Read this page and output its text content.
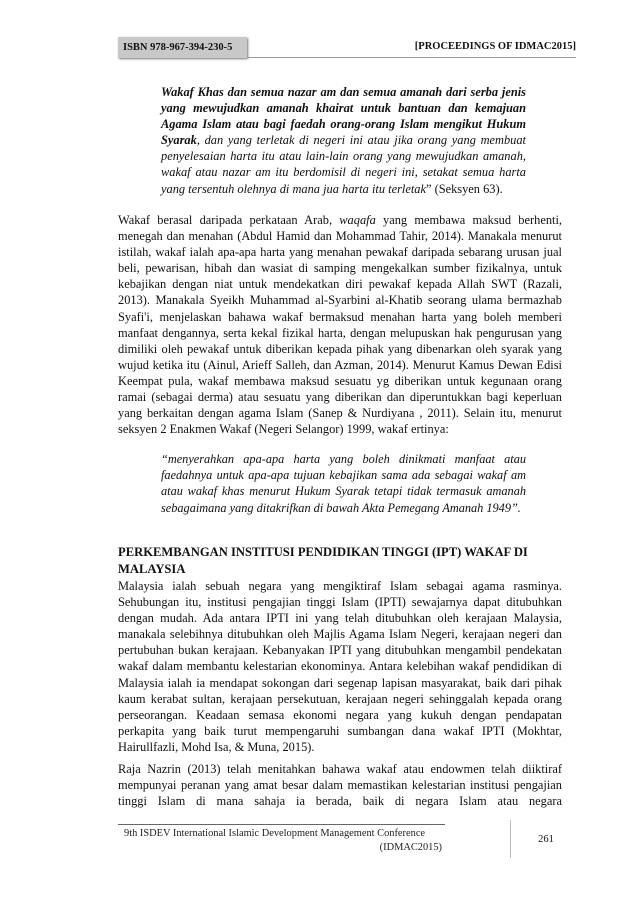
ISBN 978-967-394-230-5	[PROCEEDINGS OF IDMAC2015]
Wakaf Khas dan semua nazar am dan semua amanah dari serba jenis yang mewujudkan amanah khairat untuk bantuan dan kemajuan Agama Islam atau bagi faedah orang-orang Islam mengikut Hukum Syarak, dan yang terletak di negeri ini atau jika orang yang membuat penyelesaian harta itu atau lain-lain orang yang mewujudkan amanah, wakaf atau nazar am itu berdomisil di negeri ini, setakat semua harta yang tersentuh olehnya di mana jua harta itu terletak” (Seksyen 63).
Wakaf berasal daripada perkataan Arab, waqafa yang membawa maksud berhenti, menegah dan menahan (Abdul Hamid dan Mohammad Tahir, 2014). Manakala menurut istilah, wakaf ialah apa-apa harta yang menahan pewakaf daripada sebarang urusan jual beli, pewarisan, hibah dan wasiat di samping mengekalkan sumber fizikalnya, untuk kebajikan dengan niat untuk mendekatkan diri pewakaf kepada Allah SWT (Razali, 2013). Manakala Syeikh Muhammad al-Syarbini al-Khatib seorang ulama bermazhab Syafi'i, menjelaskan bahawa wakaf bermaksud menahan harta yang boleh memberi manfaat dengannya, serta kekal fizikal harta, dengan melupuskan hak pengurusan yang dimiliki oleh pewakaf untuk diberikan kepada pihak yang dibenarkan oleh syarak yang wujud ketika itu (Ainul, Arieff Salleh, dan Azman, 2014). Menurut Kamus Dewan Edisi Keempat pula, wakaf membawa maksud sesuatu yg diberikan untuk kegunaan orang ramai (sebagai derma) atau sesuatu yang diberikan dan diperuntukkan bagi keperluan yang berkaitan dengan agama Islam (Sanep & Nurdiyana , 2011). Selain itu, menurut seksyen 2 Enakmen Wakaf (Negeri Selangor) 1999, wakaf ertinya:
“menyerahkan apa-apa harta yang boleh dinikmati manfaat atau faedahnya untuk apa-apa tujuan kebajikan sama ada sebagai wakaf am atau wakaf khas menurut Hukum Syarak tetapi tidak termasuk amanah sebagaimana yang ditakrifkan di bawah Akta Pemegang Amanah 1949”.
PERKEMBANGAN INSTITUSI PENDIDIKAN TINGGI (IPT) WAKAF DI MALAYSIA
Malaysia ialah sebuah negara yang mengiktiraf Islam sebagai agama rasminya. Sehubungan itu, institusi pengajian tinggi Islam (IPTI) sewajarnya dapat ditubuhkan dengan mudah. Ada antara IPTI ini yang telah ditubuhkan oleh kerajaan Malaysia, manakala selebihnya ditubuhkan oleh Majlis Agama Islam Negeri, kerajaan negeri dan pertubuhan bukan kerajaan. Kebanyakan IPTI yang ditubuhkan mengambil pendekatan wakaf dalam membantu kelestarian ekonominya. Antara kelebihan wakaf pendidikan di Malaysia ialah ia mendapat sokongan dari segenap lapisan masyarakat, baik dari pihak kaum kerabat sultan, kerajaan persekutuan, kerajaan negeri sehinggalah kepada orang perseorangan. Keadaan semasa ekonomi negara yang kukuh dengan pendapatan perkapita yang baik turut mempengaruhi sumbangan dana wakaf IPTI (Mokhtar, Hairullfazli, Mohd Isa, & Muna, 2015).
Raja Nazrin (2013) telah menitahkan bahawa wakaf atau endowmen telah diiktiraf mempunyai peranan yang amat besar dalam memastikan kelestarian institusi pengajian tinggi Islam di mana sahaja ia berada, baik di negara Islam atau negara
9th ISDEV International Islamic Development Management Conference
(IDMAC2015)
261
